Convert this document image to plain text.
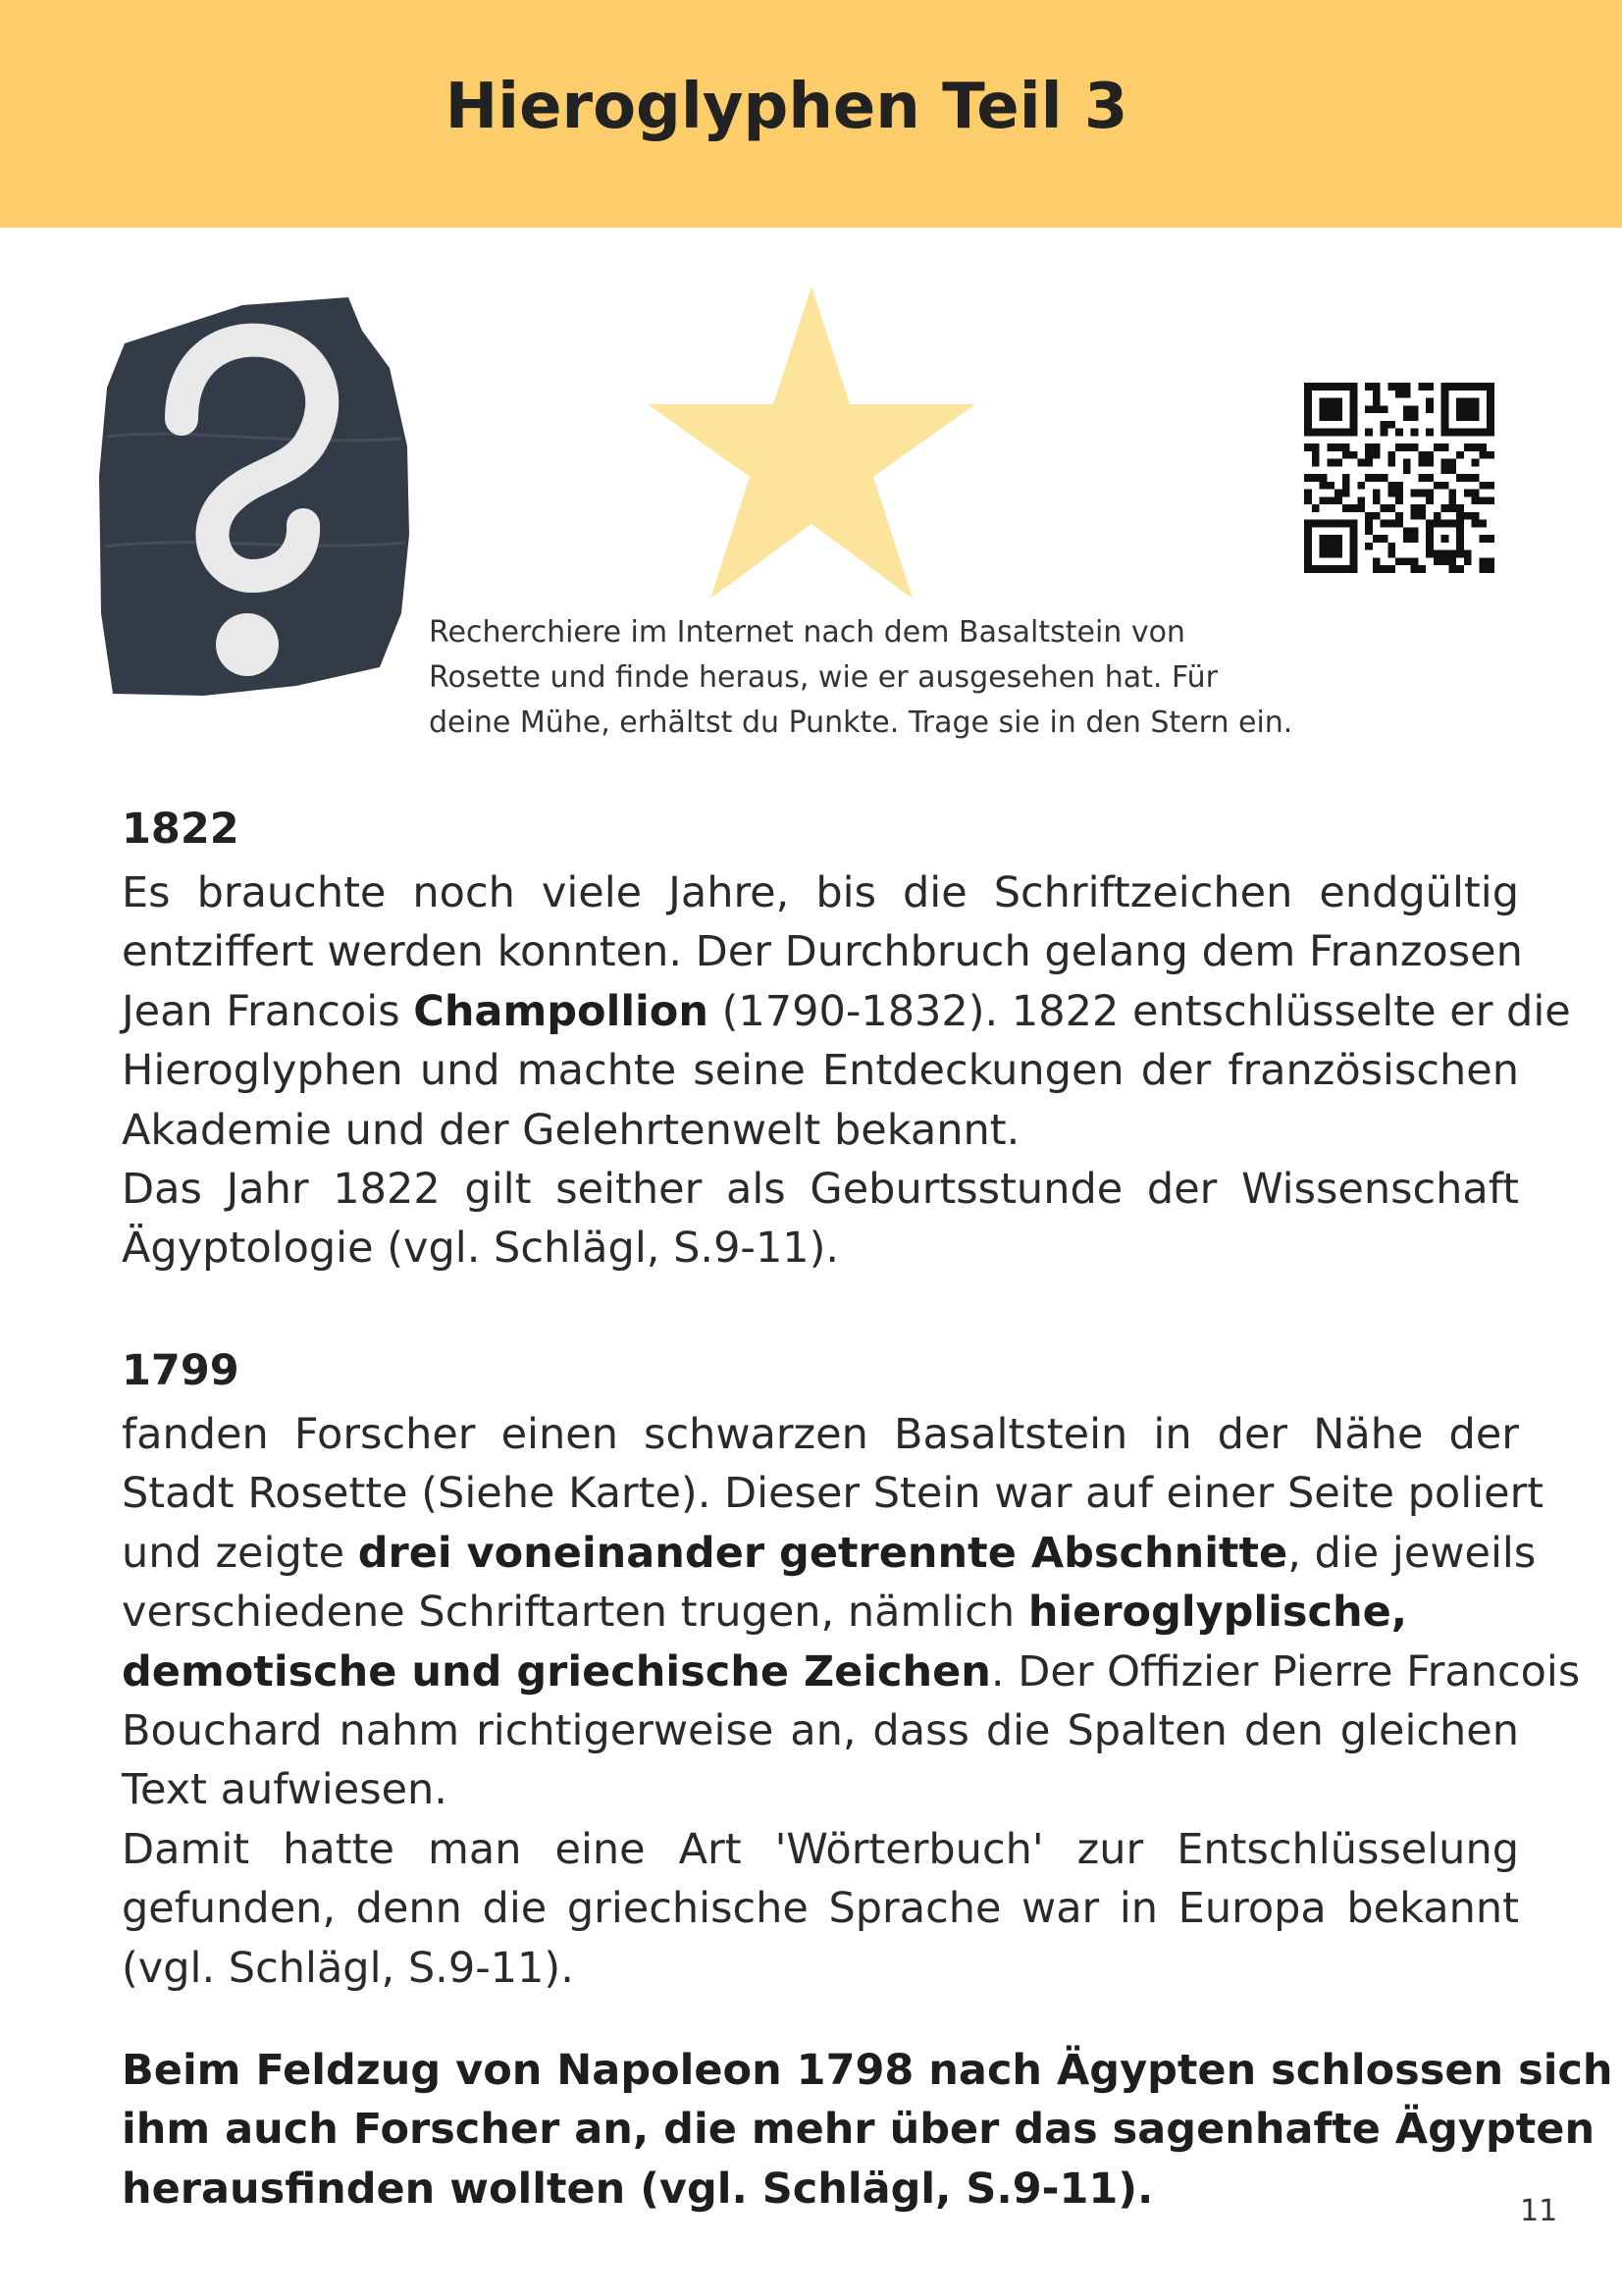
Hieroglyphen Teil 3

Recherchiere im Internet nach dem Basaltstein von

Rosette und finde heraus, wie er ausgesehen hat. Für

deine Mühe, erhältst du Punkte. Trage sie in den Stern ein.

1822

Es brauchte noch viele Jahre, bis die Schriftzeichen endgültig

entziffert werden konnten. Der Durchbruch gelang dem Franzosen

Jean Francois Champollion (1790-1832). 1822 entschlüsselte er die

Hieroglyphen und machte seine Entdeckungen der französischen

Akademie und der Gelehrtenwelt bekannt.

Das Jahr 1822 gilt seither als Geburtsstunde der Wissenschaft

Ägyptologie (vgl. Schlägl, S.9-11).

1799

fanden Forscher einen schwarzen Basaltstein in der Nähe der

Stadt Rosette (Siehe Karte). Dieser Stein war auf einer Seite poliert

und zeigte drei voneinander getrennte Abschnitte, die jeweils

verschiedene Schriftarten trugen, nämlich hieroglyplische,

demotische und griechische Zeichen. Der Offizier Pierre Francois

Bouchard nahm richtigerweise an, dass die Spalten den gleichen

Text aufwiesen.

Damit hatte man eine Art 'Wörterbuch' zur Entschlüsselung

gefunden, denn die griechische Sprache war in Europa bekannt

(vgl. Schlägl, S.9-11).

Beim Feldzug von Napoleon 1798 nach Ägypten schlossen sich

ihm auch Forscher an, die mehr über das sagenhafte Ägypten

herausfinden wollten (vgl. Schlägl, S.9-11).	11
